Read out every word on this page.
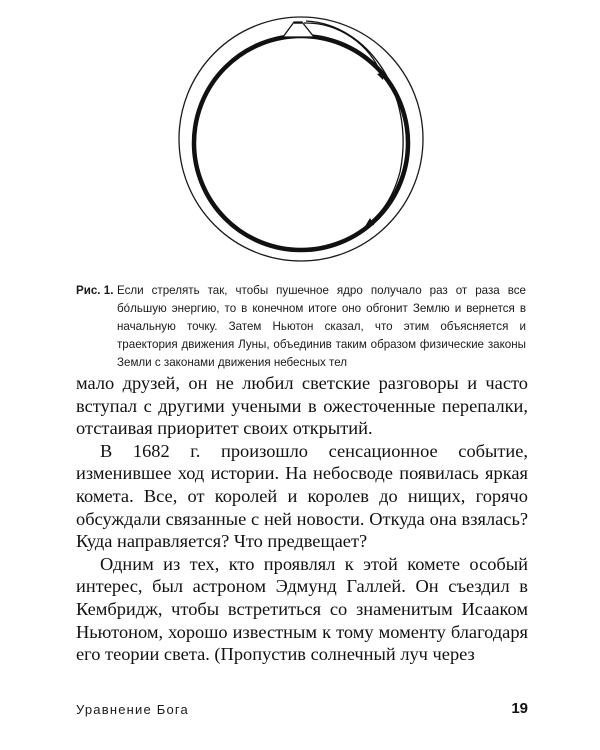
Рис. 1. Если стрелять так, чтобы пушечное ядро получало раз от раза все бóльшую энергию, то в конечном итоге оно обгонит Землю и вернется в начальную точку. Затем Ньютон сказал, что этим объясняется и траектория движения Луны, объединив таким образом физические законы Земли с законами движения небесных тел

мало друзей, он не любил светские разговоры и часто вступал с другими учеными в ожесточенные перепалки, отстаивая приоритет своих открытий.

В 1682 г. произошло сенсационное событие, изменившее ход истории. На небосводе появилась яркая комета. Все, от королей и королев до нищих, горячо обсуждали связанные с ней новости. Откуда она взялась? Куда направляется? Что предвещает?

Одним из тех, кто проявлял к этой комете особый интерес, был астроном Эдмунд Галлей. Он съездил в Кембридж, чтобы встретиться со знаменитым Исааком Ньютоном, хорошо известным к тому моменту благодаря его теории света. (Пропустив солнечный луч через

Уравнение Бога	19
